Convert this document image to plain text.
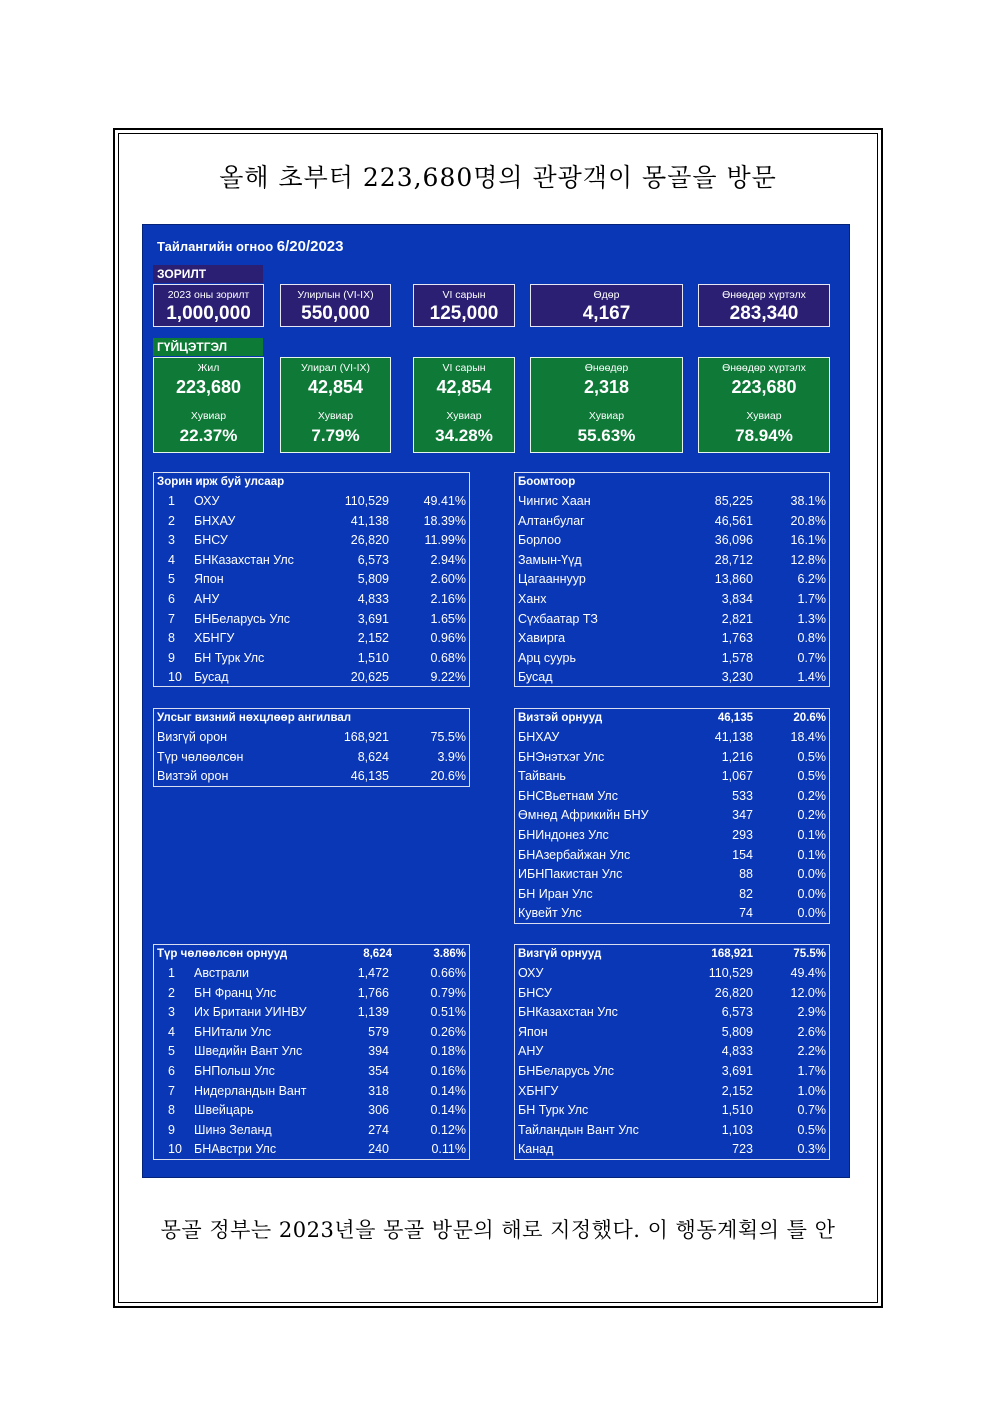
올해 초부터 223,680명의 관광객이 몽골을 방문
Тайлангийн огноо 6/20/2023
ЗОРИЛТ
2023 оны зорилт
1,000,000
Улирлын (VI-IX)
550,000
VI сарын
125,000
Өдөр
4,167
Өнөөдөр хүртэлх
283,340
ГҮЙЦЭТГЭЛ
Жил
223,680
Хувиар
22.37%
Улирал (VI-IX)
42,854
Хувиар
7.79%
VI сарын
42,854
Хувиар
34.28%
Өнөөдөр
2,318
Хувиар
55.63%
Өнөөдөр хүртэлх
223,680
Хувиар
78.94%
Зорин ирж буй улсаар
1 ОХУ	110,529	49.41%
2 БНХАУ	41,138	18.39%
3 БНСУ	26,820	11.99%
4 БНКазахстан Улс	6,573	2.94%
5 Япон	5,809	2.60%
6 АНУ	4,833	2.16%
7 БНБеларусь Улс	3,691	1.65%
8 ХБНГУ	2,152	0.96%
9 БН Турк Улс	1,510	0.68%
10 Бусад	20,625	9.22%
Боомтоор
Чингис Хаан	85,225	38.1%
Алтанбулаг	46,561	20.8%
Борлоо	36,096	16.1%
Замын-Үүд	28,712	12.8%
Цагааннуур	13,860	6.2%
Ханх	3,834	1.7%
Сүхбаатар ТЗ	2,821	1.3%
Хавирга	1,763	0.8%
Арц суурь	1,578	0.7%
Бусад	3,230	1.4%
Улсыг визний нөхцлөөр ангилвал
Визгүй орон	168,921	75.5%
Түр чөлөөлсөн	8,624	3.9%
Визтэй орон	46,135	20.6%
Визтэй орнууд	46,135	20.6%
БНХАУ	41,138	18.4%
БНЭнэтхэг Улс	1,216	0.5%
Тайвань	1,067	0.5%
БНСВьетнам Улс	533	0.2%
Өмнөд Африкийн БНУ	347	0.2%
БНИндонез Улс	293	0.1%
БНАзербайжан Улс	154	0.1%
ИБНПакистан Улс	88	0.0%
БН Иран Улс	82	0.0%
Кувейт Улс	74	0.0%
Түр чөлөөлсөн орнууд	8,624	3.86%
1 Австрали	1,472	0.66%
2 БН Франц Улс	1,766	0.79%
3 Их Британи УИНВУ	1,139	0.51%
4 БНИтали Улс	579	0.26%
5 Шведийн Вант Улс	394	0.18%
6 БНПольш Улс	354	0.16%
7 Нидерландын Вант	318	0.14%
8 Швейцарь	306	0.14%
9 Шинэ Зеланд	274	0.12%
10 БНАвстри Улс	240	0.11%
Визгүй орнууд	168,921	75.5%
ОХУ	110,529	49.4%
БНСУ	26,820	12.0%
БНКазахстан Улс	6,573	2.9%
Япон	5,809	2.6%
АНУ	4,833	2.2%
БНБеларусь Улс	3,691	1.7%
ХБНГУ	2,152	1.0%
БН Турк Улс	1,510	0.7%
Тайландын Вант Улс	1,103	0.5%
Канад	723	0.3%
몽골 정부는 2023년을 몽골 방문의 해로 지정했다. 이 행동계획의 틀 안
